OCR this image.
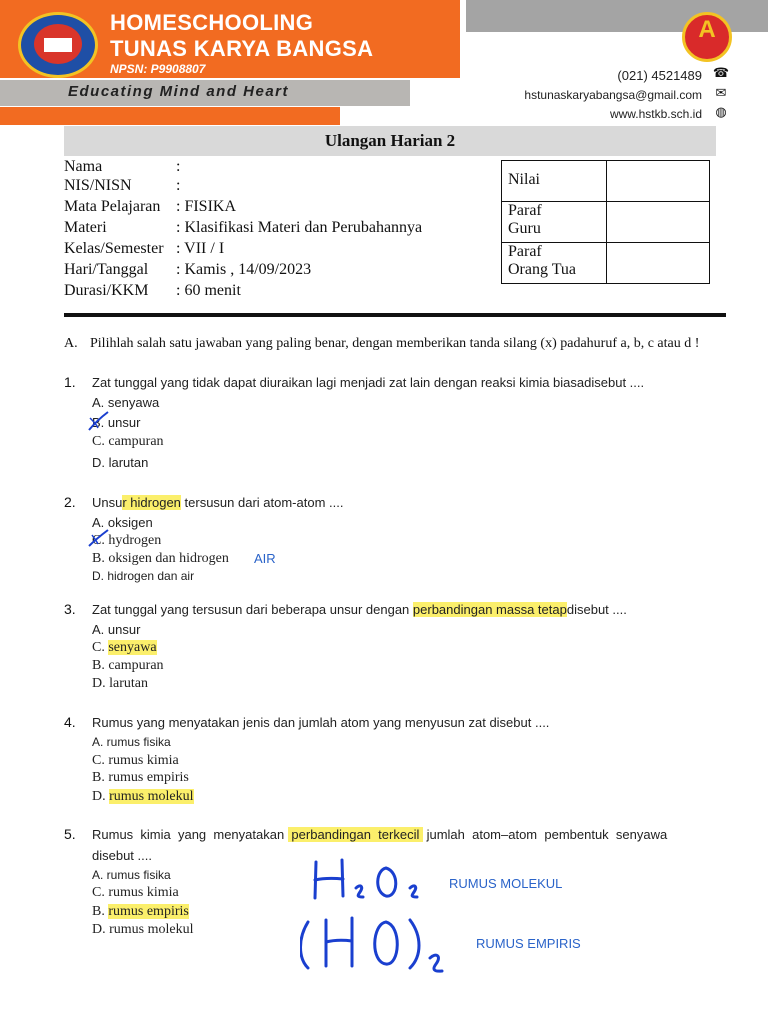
HOMESCHOOLING
TUNAS KARYA BANGSA
NPSN: P9908807
Educating Mind and Heart
A
(021) 4521489 ☎
hstunaskaryabangsa@gmail.com ✉
www.hstkb.sch.id ◍
Ulangan Harian 2
Nama	:
NIS/NISN	:
Mata Pelajaran : FISIKA
Materi	: Klasifikasi Materi dan Perubahannya
Kelas/Semester : VII / I
Hari/Tanggal : Kamis , 14/09/2023
Durasi/KKM : 60 menit
Nilai	
Paraf
Guru	
Paraf
Orang Tua	
A. Pilihlah salah satu jawaban yang paling benar, dengan memberikan tanda silang (x) padahuruf a, b, c atau d !
1. Zat tunggal yang tidak dapat diuraikan lagi menjadi zat lain dengan reaksi kimia biasadisebut ....
A. senyawa
B. unsur
C. campuran
D. larutan
2. Unsur hidrogen tersusun dari atom-atom ....
A. oksigen
C. hydrogen
B. oksigen dan hidrogen
D. hidrogen dan air
AIR
3. Zat tunggal yang tersusun dari beberapa unsur dengan perbandingan massa tetapdisebut ....
A. unsur
C. senyawa
B. campuran
D. larutan
4. Rumus yang menyatakan jenis dan jumlah atom yang menyusun zat disebut ....
A. rumus fisika
C. rumus kimia
B. rumus empiris
D. rumus molekul
5. Rumus  kimia  yang  menyatakan  perbandingan  terkecil  jumlah  atom–atom  pembentuk  senyawa
disebut ....
A. rumus fisika
C. rumus kimia
B. rumus empiris
D. rumus molekul
RUMUS MOLEKUL
RUMUS EMPIRIS
